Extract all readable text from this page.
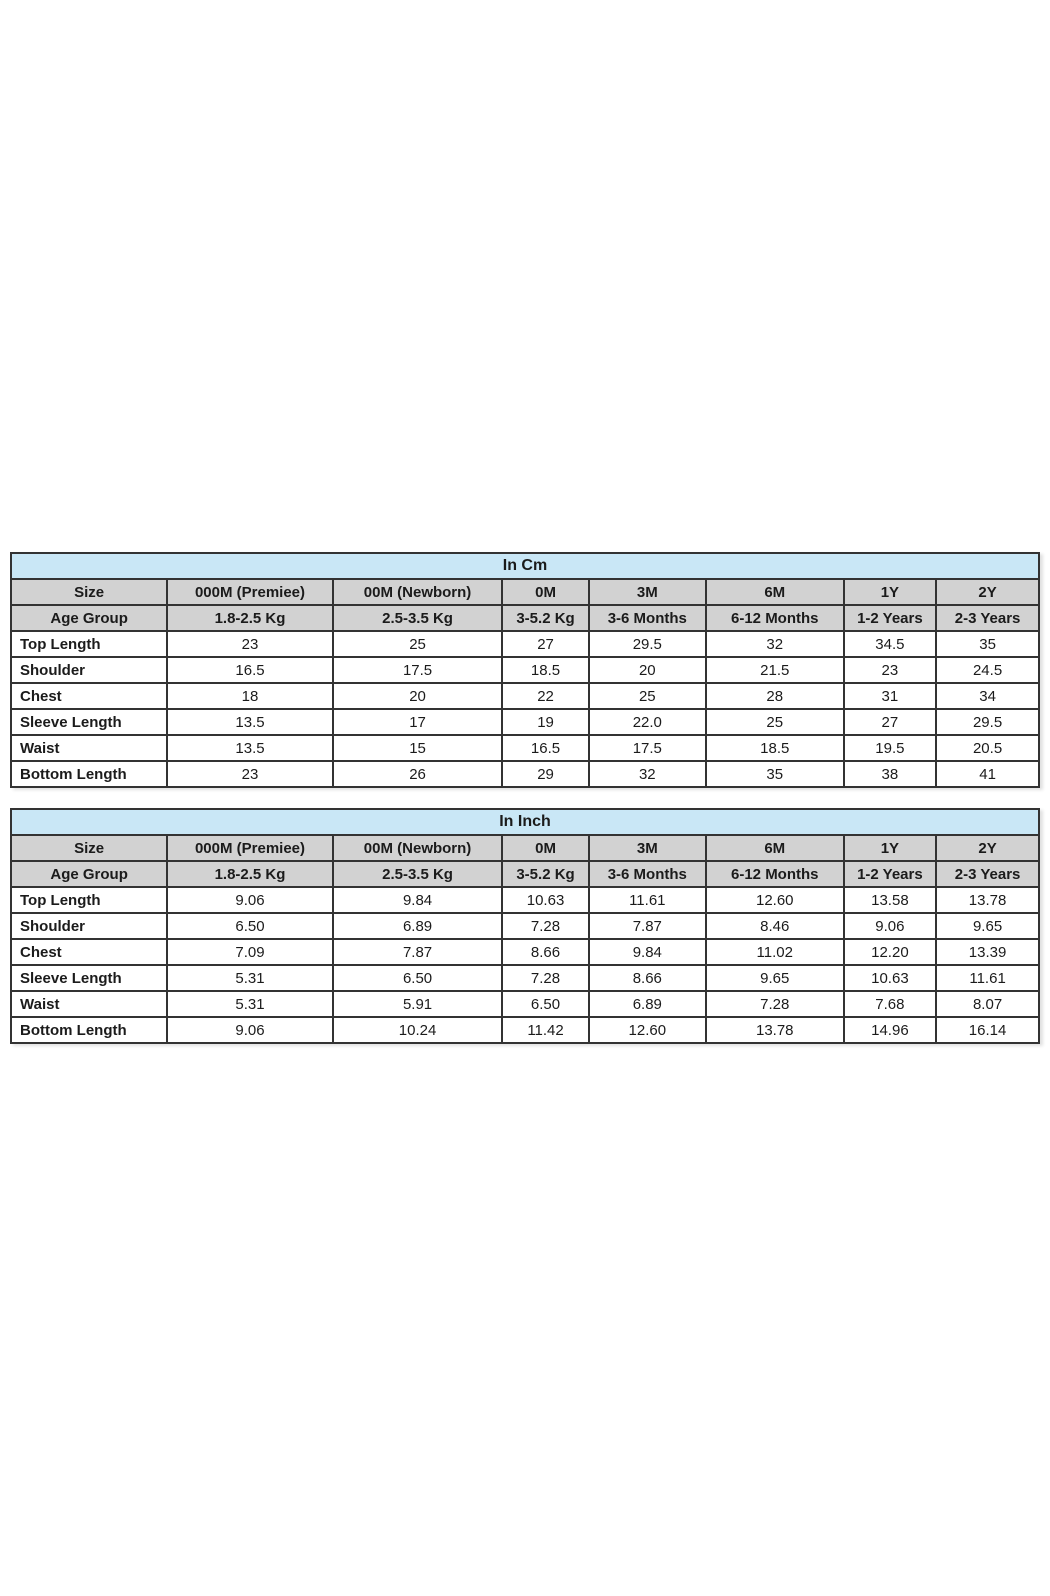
In Cm							
Size	000M (Premiee)	00M (Newborn)	0M	3M	6M	1Y	2Y
Age Group	1.8-2.5 Kg	2.5-3.5 Kg	3-5.2 Kg	3-6 Months	6-12 Months	1-2 Years	2-3 Years
Top Length	23	25	27	29.5	32	34.5	35
Shoulder	16.5	17.5	18.5	20	21.5	23	24.5
Chest	18	20	22	25	28	31	34
Sleeve Length	13.5	17	19	22.0	25	27	29.5
Waist	13.5	15	16.5	17.5	18.5	19.5	20.5
Bottom Length	23	26	29	32	35	38	41
In Inch							
Size	000M (Premiee)	00M (Newborn)	0M	3M	6M	1Y	2Y
Age Group	1.8-2.5 Kg	2.5-3.5 Kg	3-5.2 Kg	3-6 Months	6-12 Months	1-2 Years	2-3 Years
Top Length	9.06	9.84	10.63	11.61	12.60	13.58	13.78
Shoulder	6.50	6.89	7.28	7.87	8.46	9.06	9.65
Chest	7.09	7.87	8.66	9.84	11.02	12.20	13.39
Sleeve Length	5.31	6.50	7.28	8.66	9.65	10.63	11.61
Waist	5.31	5.91	6.50	6.89	7.28	7.68	8.07
Bottom Length	9.06	10.24	11.42	12.60	13.78	14.96	16.14
